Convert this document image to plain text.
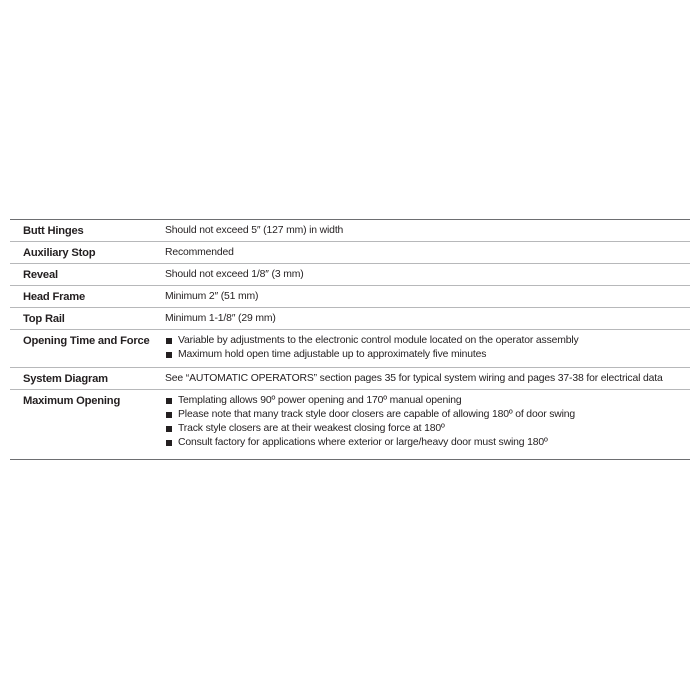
Butt Hinges	Should not exceed 5″ (127 mm) in width
Auxiliary Stop	Recommended
Reveal	Should not exceed 1/8″ (3 mm)
Head Frame	Minimum 2″ (51 mm)
Top Rail	Minimum 1-1/8″ (29 mm)
Opening Time and Force	Variable by adjustments to the electronic control module located on the operator assembly
Maximum hold open time adjustable up to approximately five minutes
System Diagram	See “AUTOMATIC OPERATORS” section pages 35 for typical system wiring and pages 37-38 for electrical data
Maximum Opening	Templating allows 90º power opening and 170º manual opening
Please note that many track style door closers are capable of allowing 180º of door swing
Track style closers are at their weakest closing force at 180º
Consult factory for applications where exterior or large/heavy door must swing 180º
